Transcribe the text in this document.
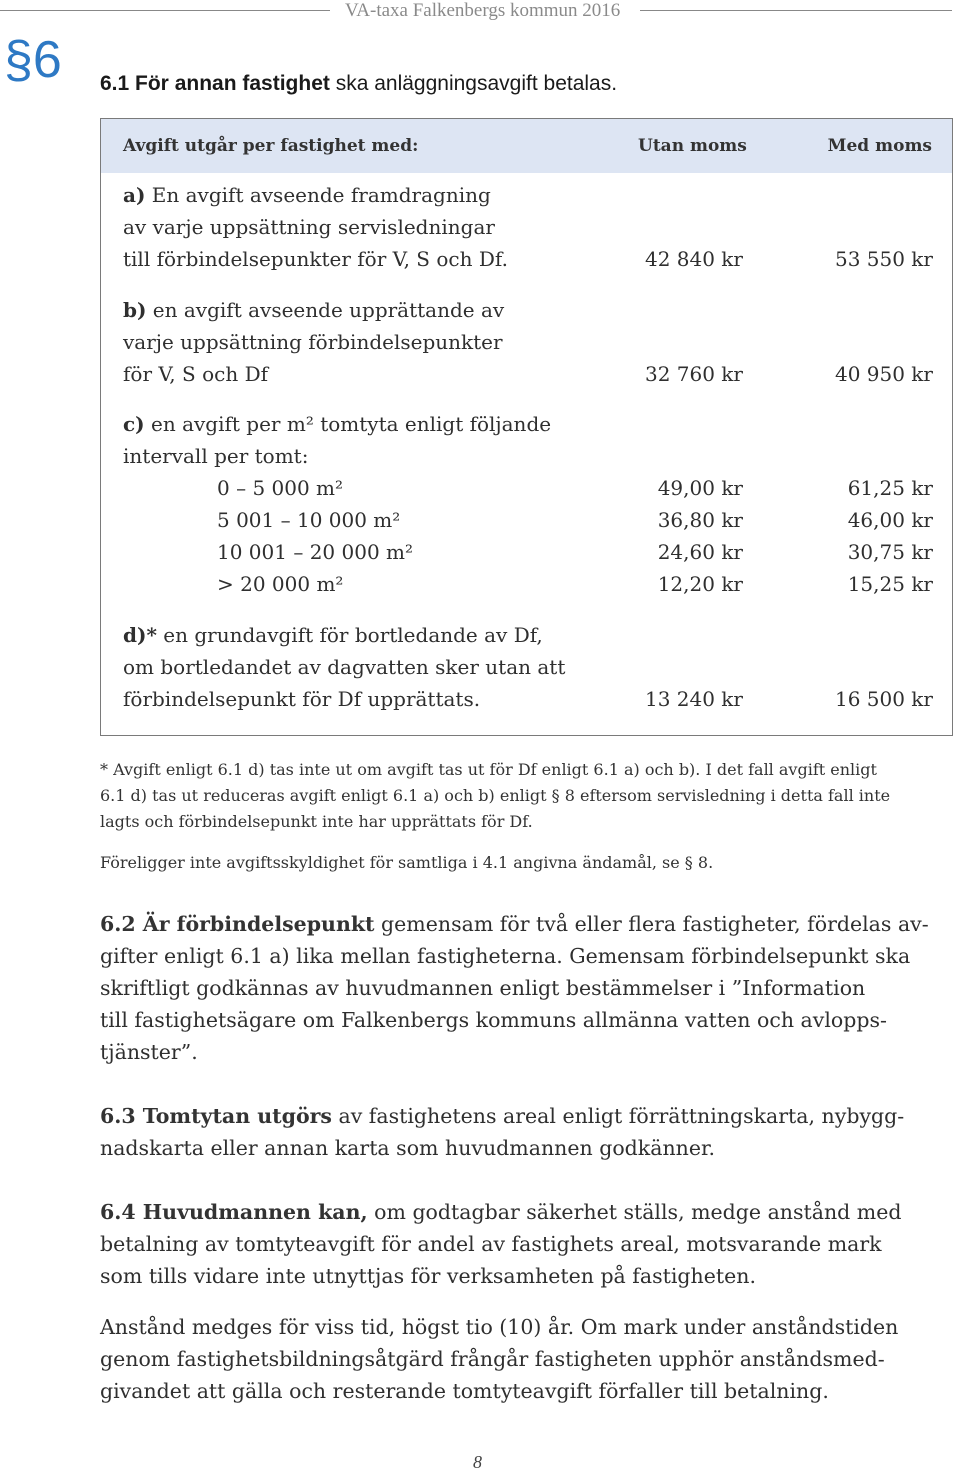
VA-taxa Falkenbergs kommun 2016
§6 6.1 För annan fastighet ska anläggningsavgift betalas.
Avgift utgår per fastighet med:	Utan moms	Med moms
a) En avgift avseende framdragning
av varje uppsättning servisledningar
till förbindelsepunkter för V, S och Df.	42 840 kr	53 550 kr
b) en avgift avseende upprättande av
varje uppsättning förbindelsepunkter
för V, S och Df	32 760 kr	40 950 kr
c) en avgift per m² tomtyta enligt följande
intervall per tomt:
0 – 5 000 m²	49,00 kr	61,25 kr
5 001 – 10 000 m²	36,80 kr	46,00 kr
10 001 – 20 000 m²	24,60 kr	30,75 kr
> 20 000 m²	12,20 kr	15,25 kr
d)* en grundavgift för bortledande av Df,
om bortledandet av dagvatten sker utan att
förbindelsepunkt för Df upprättats.	13 240 kr	16 500 kr
* Avgift enligt 6.1 d) tas inte ut om avgift tas ut för Df enligt 6.1 a) och b). I det fall avgift enligt
6.1 d) tas ut reduceras avgift enligt 6.1 a) och b) enligt § 8 eftersom servisledning i detta fall inte
lagts och förbindelsepunkt inte har upprättats för Df.
Föreligger inte avgiftsskyldighet för samtliga i 4.1 angivna ändamål, se § 8.
6.2 Är förbindelsepunkt gemensam för två eller flera fastigheter, fördelas av-
gifter enligt 6.1 a) lika mellan fastigheterna. Gemensam förbindelsepunkt ska
skriftligt godkännas av huvudmannen enligt bestämmelser i ”Information
till fastighetsägare om Falkenbergs kommuns allmänna vatten och avlopps-
tjänster”.
6.3 Tomtytan utgörs av fastighetens areal enligt förrättningskarta, nybygg-
nadskarta eller annan karta som huvudmannen godkänner.
6.4 Huvudmannen kan, om godtagbar säkerhet ställs, medge anstånd med
betalning av tomtyteavgift för andel av fastighets areal, motsvarande mark
som tills vidare inte utnyttjas för verksamheten på fastigheten.
Anstånd medges för viss tid, högst tio (10) år. Om mark under anståndstiden
genom fastighetsbildningsåtgärd frångår fastigheten upphör anståndsmed-
givandet att gälla och resterande tomtyteavgift förfaller till betalning.
8
